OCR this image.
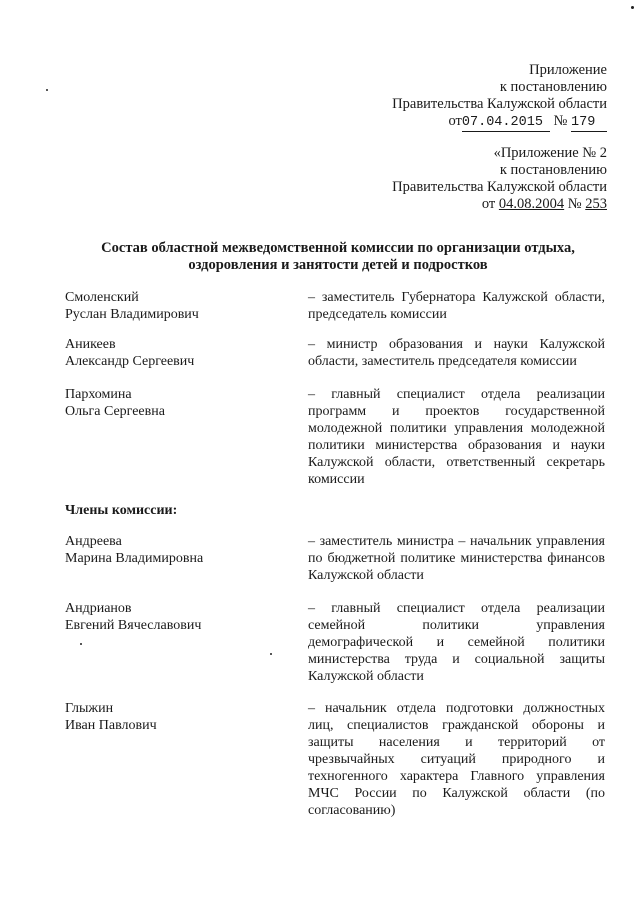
Приложение
к постановлению
Правительства Калужской области
от07.04.2015 № 179
«Приложение № 2
к постановлению
Правительства Калужской области
от 04.08.2004 № 253
Состав областной межведомственной комиссии по организации отдыха,
оздоровления и занятости детей и подростков
Смоленский
Руслан Владимирович
– заместитель Губернатора Калужской области, председатель комиссии
Аникеев
Александр Сергеевич
– министр образования и науки Калужской области, заместитель председателя комиссии
Пархомина
Ольга Сергеевна
– главный специалист отдела реализации программ и проектов государственной молодежной политики управления молодежной политики министерства образования и науки Калужской области, ответственный секретарь комиссии
Члены комиссии:
Андреева
Марина Владимировна
– заместитель министра – начальник управления по бюджетной политике министерства финансов Калужской области
Андрианов
Евгений Вячеславович
– главный специалист отдела реализации семейной политики управления демографической и семейной политики министерства труда и социальной защиты Калужской области
Глыжин
Иван Павлович
– начальник отдела подготовки должностных лиц, специалистов гражданской обороны и защиты населения и территорий от чрезвычайных ситуаций природного и техногенного характера Главного управления МЧС России по Калужской области (по согласованию)
